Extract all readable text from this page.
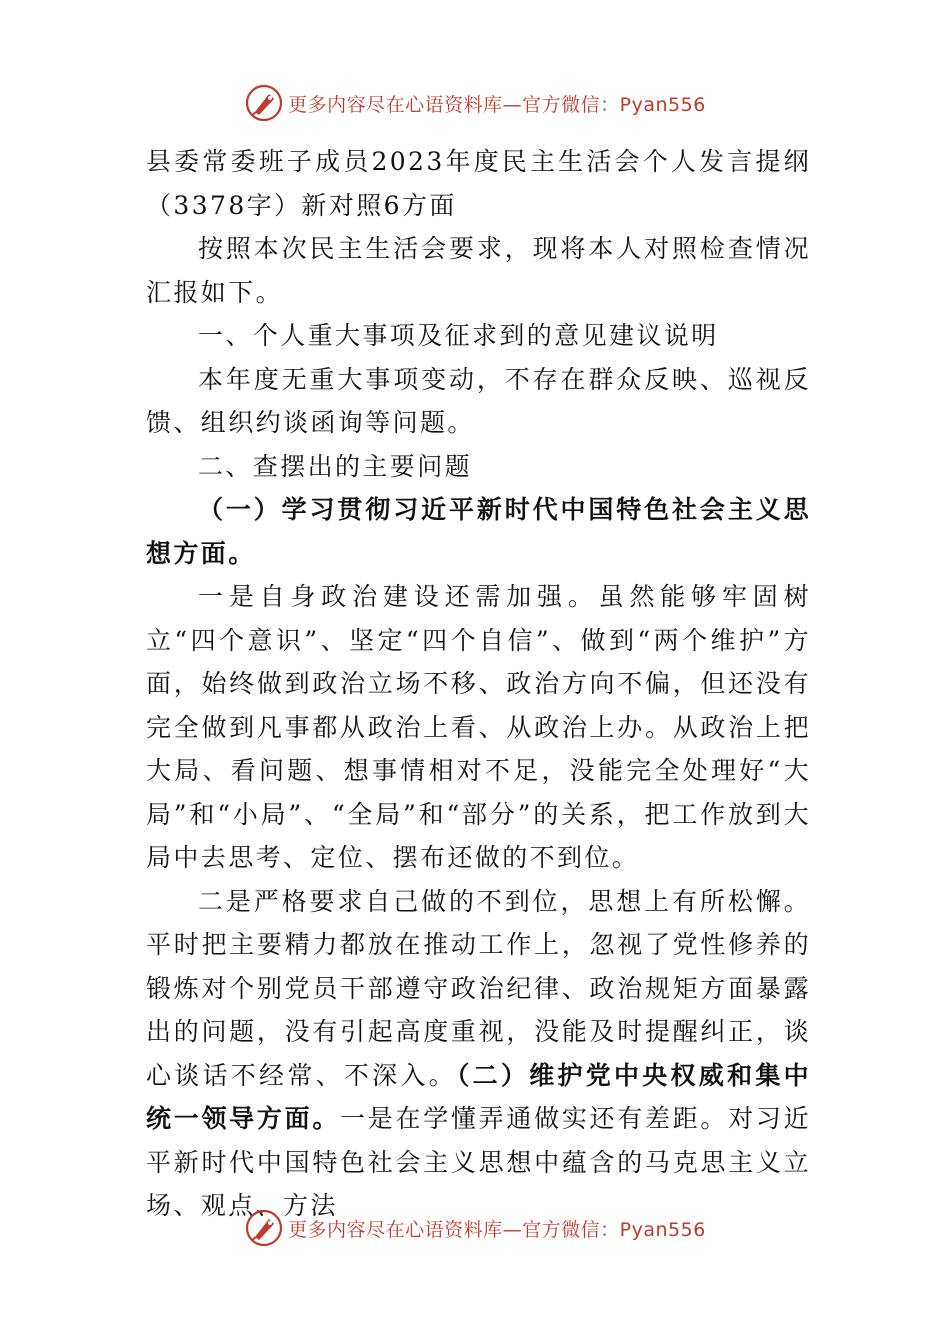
更多内容尽在心语资料库—官方微信：Pyan556

县委常委班子成员2023年度民主生活会个人发言提纲（3378字）新对照6方面

按照本次民主生活会要求，现将本人对照检查情况汇报如下。

一、个人重大事项及征求到的意见建议说明

本年度无重大事项变动，不存在群众反映、巡视反馈、组织约谈函询等问题。

二、查摆出的主要问题

（一）学习贯彻习近平新时代中国特色社会主义思想方面。

一是自身政治建设还需加强。虽然能够牢固树立“四个意识”、坚定“四个自信”、做到“两个维护”方面，始终做到政治立场不移、政治方向不偏，但还没有完全做到凡事都从政治上看、从政治上办。从政治上把大局、看问题、想事情相对不足，没能完全处理好“大局”和“小局”、“全局”和“部分”的关系，把工作放到大局中去思考、定位、摆布还做的不到位。

二是严格要求自己做的不到位，思想上有所松懈。平时把主要精力都放在推动工作上，忽视了党性修养的锻炼对个别党员干部遵守政治纪律、政治规矩方面暴露出的问题，没有引起高度重视，没能及时提醒纠正，谈心谈话不经常、不深入。（二）维护党中央权威和集中统一领导方面。一是在学懂弄通做实还有差距。对习近平新时代中国特色社会主义思想中蕴含的马克思主义立场、观点、方法

更多内容尽在心语资料库—官方微信：Pyan556
